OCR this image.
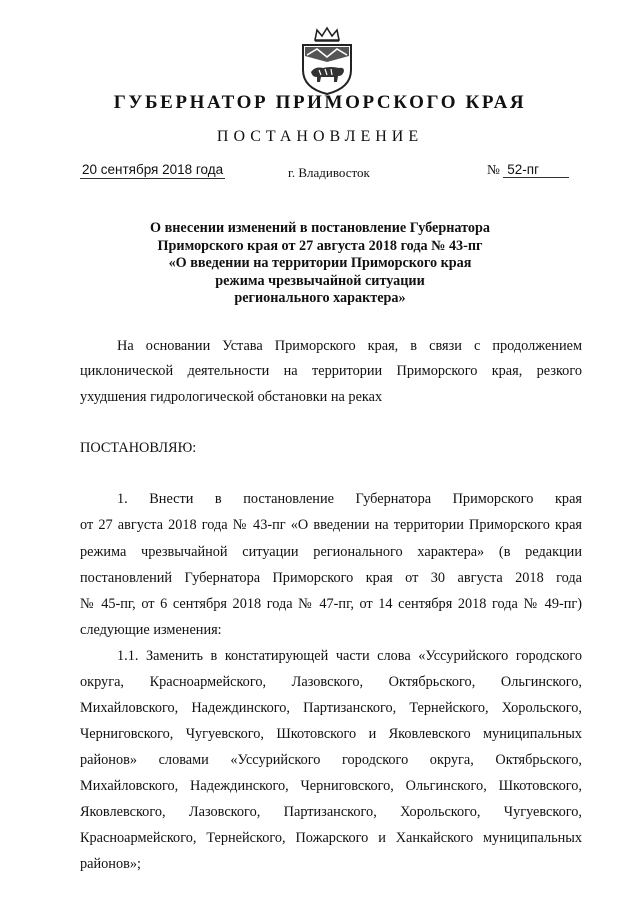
ГУБЕРНАТОР ПРИМОРСКОГО КРАЯ
ПОСТАНОВЛЕНИЕ
20 сентября 2018 года	г. Владивосток	№ 52-пг
О внесении изменений в постановление Губернатора
Приморского края от 27 августа 2018 года № 43-пг
«О введении на территории Приморского края
режима чрезвычайной ситуации
регионального характера»
На основании Устава Приморского края, в связи с продолжением
циклонической деятельности на территории Приморского края, резкого
ухудшения гидрологической обстановки на реках
ПОСТАНОВЛЯЮ:
1. Внести в постановление Губернатора Приморского края
от 27 августа 2018 года № 43-пг «О введении на территории Приморского края
режима чрезвычайной ситуации регионального характера» (в редакции
постановлений Губернатора Приморского края от 30 августа 2018 года
№ 45-пг, от 6 сентября 2018 года № 47-пг, от 14 сентября 2018 года № 49-пг)
следующие изменения:
1.1. Заменить в констатирующей части слова «Уссурийского городского
округа, Красноармейского, Лазовского, Октябрьского, Ольгинского,
Михайловского, Надеждинского, Партизанского, Тернейского, Хорольского,
Черниговского, Чугуевского, Шкотовского и Яковлевского муниципальных
районов» словами «Уссурийского городского округа, Октябрьского,
Михайловского, Надеждинского, Черниговского, Ольгинского, Шкотовского,
Яковлевского, Лазовского, Партизанского, Хорольского, Чугуевского,
Красноармейского, Тернейского, Пожарского и Ханкайского муниципальных
районов»;
